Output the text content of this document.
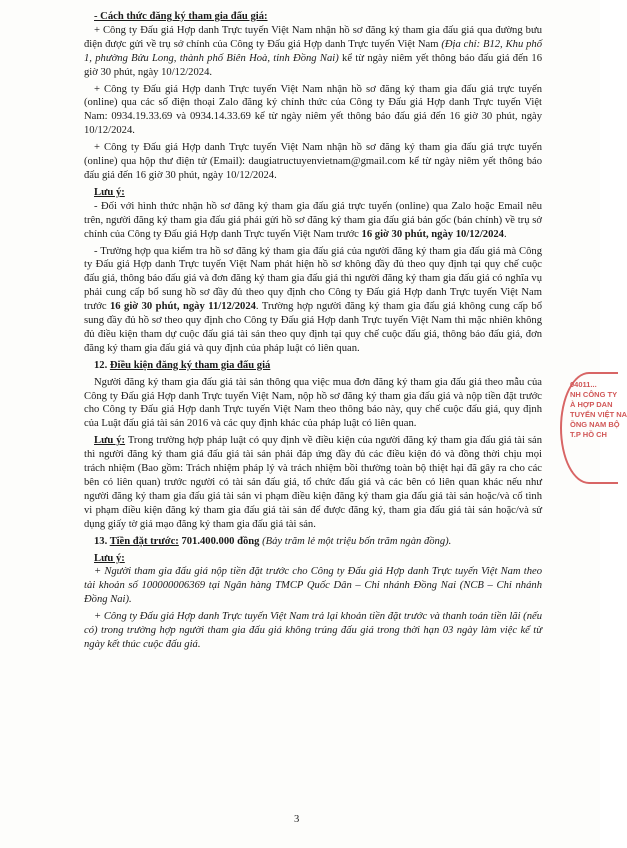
- Cách thức đăng ký tham gia đấu giá:

+ Công ty Đấu giá Hợp danh Trực tuyến Việt Nam nhận hồ sơ đăng ký tham gia đấu giá qua đường bưu điện được gửi về trụ sở chính của Công ty Đấu giá Hợp danh Trực tuyến Việt Nam (Địa chỉ: B12, Khu phố 1, phường Bửu Long, thành phố Biên Hoà, tỉnh Đồng Nai) kể từ ngày niêm yết thông báo đấu giá đến 16 giờ 30 phút, ngày 10/12/2024.

+ Công ty Đấu giá Hợp danh Trực tuyến Việt Nam nhận hồ sơ đăng ký tham gia đấu giá trực tuyến (online) qua các số điện thoại Zalo đăng ký chính thức của Công ty Đấu giá Hợp danh Trực tuyến Việt Nam: 0934.19.33.69 và 0934.14.33.69 kể từ ngày niêm yết thông báo đấu giá đến 16 giờ 30 phút, ngày 10/12/2024.

+ Công ty Đấu giá Hợp danh Trực tuyến Việt Nam nhận hồ sơ đăng ký tham gia đấu giá trực tuyến (online) qua hộp thư điện tử (Email): daugiatructuyenvietnam@gmail.com kể từ ngày niêm yết thông báo đấu giá đến 16 giờ 30 phút, ngày 10/12/2024.

Lưu ý:

- Đối với hình thức nhận hồ sơ đăng ký tham gia đấu giá trực tuyến (online) qua Zalo hoặc Email nêu trên, người đăng ký tham gia đấu giá phải gửi hồ sơ đăng ký tham gia đấu giá bản gốc (bản chính) về trụ sở chính của Công ty Đấu giá Hợp danh Trực tuyến Việt Nam trước 16 giờ 30 phút, ngày 10/12/2024.

- Trường hợp qua kiểm tra hồ sơ đăng ký tham gia đấu giá của người đăng ký tham gia đấu giá mà Công ty Đấu giá Hợp danh Trực tuyến Việt Nam phát hiện hồ sơ không đầy đủ theo quy định tại quy chế cuộc đấu giá, thông báo đấu giá và đơn đăng ký tham gia đấu giá thì người đăng ký tham gia đấu giá có nghĩa vụ phải cung cấp bổ sung hồ sơ đầy đủ theo quy định cho Công ty Đấu giá Hợp danh Trực tuyến Việt Nam trước 16 giờ 30 phút, ngày 11/12/2024. Trường hợp người đăng ký tham gia đấu giá không cung cấp bổ sung đầy đủ hồ sơ theo quy định cho Công ty Đấu giá Hợp danh Trực tuyến Việt Nam thì mặc nhiên không đủ điều kiện tham dự cuộc đấu giá tài sản theo quy định tại quy chế cuộc đấu giá, thông báo đấu giá, đơn đăng ký tham gia đấu giá và quy định của pháp luật có liên quan.

12. Điều kiện đăng ký tham gia đấu giá

Người đăng ký tham gia đấu giá tài sản thông qua việc mua đơn đăng ký tham gia đấu giá theo mẫu của Công ty Đấu giá Hợp danh Trực tuyến Việt Nam, nộp hồ sơ đăng ký tham gia đấu giá và nộp tiền đặt trước cho Công ty Đấu giá Hợp danh Trực tuyến Việt Nam theo thông báo này, quy chế cuộc đấu giá, quy định của Luật đấu giá tài sản 2016 và các quy định khác của pháp luật có liên quan.

Lưu ý: Trong trường hợp pháp luật có quy định về điều kiện của người đăng ký tham gia đấu giá tài sản thì người đăng ký tham giá đấu giá tài sản phải đáp ứng đầy đủ các điều kiện đó và đồng thời chịu mọi trách nhiệm (Bao gồm: Trách nhiệm pháp lý và trách nhiệm bồi thường toàn bộ thiệt hại đã gây ra cho các bên có liên quan) trước người có tài sản đấu giá, tổ chức đấu giá và các bên có liên quan khác nếu như người đăng ký tham gia đấu giá tài sản vi phạm điều kiện đăng ký tham gia đấu giá tài sản hoặc/và cố tình vi phạm điều kiện đăng ký tham gia đấu giá tài sản để được đăng ký, tham gia đấu giá tài sản hoặc/và sử dụng giấy tờ giả mạo đăng ký tham gia đấu giá tài sản.

13. Tiền đặt trước: 701.400.000 đồng (Bảy trăm lẻ một triệu bốn trăm ngàn đồng).

Lưu ý:

+ Người tham gia đấu giá nộp tiền đặt trước cho Công ty Đấu giá Hợp danh Trực tuyến Việt Nam theo tài khoản số 100000006369 tại Ngân hàng TMCP Quốc Dân – Chi nhánh Đồng Nai (NCB – Chi nhánh Đồng Nai).

+ Công ty Đấu giá Hợp danh Trực tuyến Việt Nam trả lại khoản tiền đặt trước và thanh toán tiền lãi (nếu có) trong trường hợp người tham gia đấu giá không trúng đấu giá trong thời hạn 03 ngày làm việc kể từ ngày kết thúc cuộc đấu giá.

04011...
NH CÔNG TY
À HỢP DAN
TUYẾN VIỆT NA
ỒNG NAM BỘ
T.P HỒ CH
3
